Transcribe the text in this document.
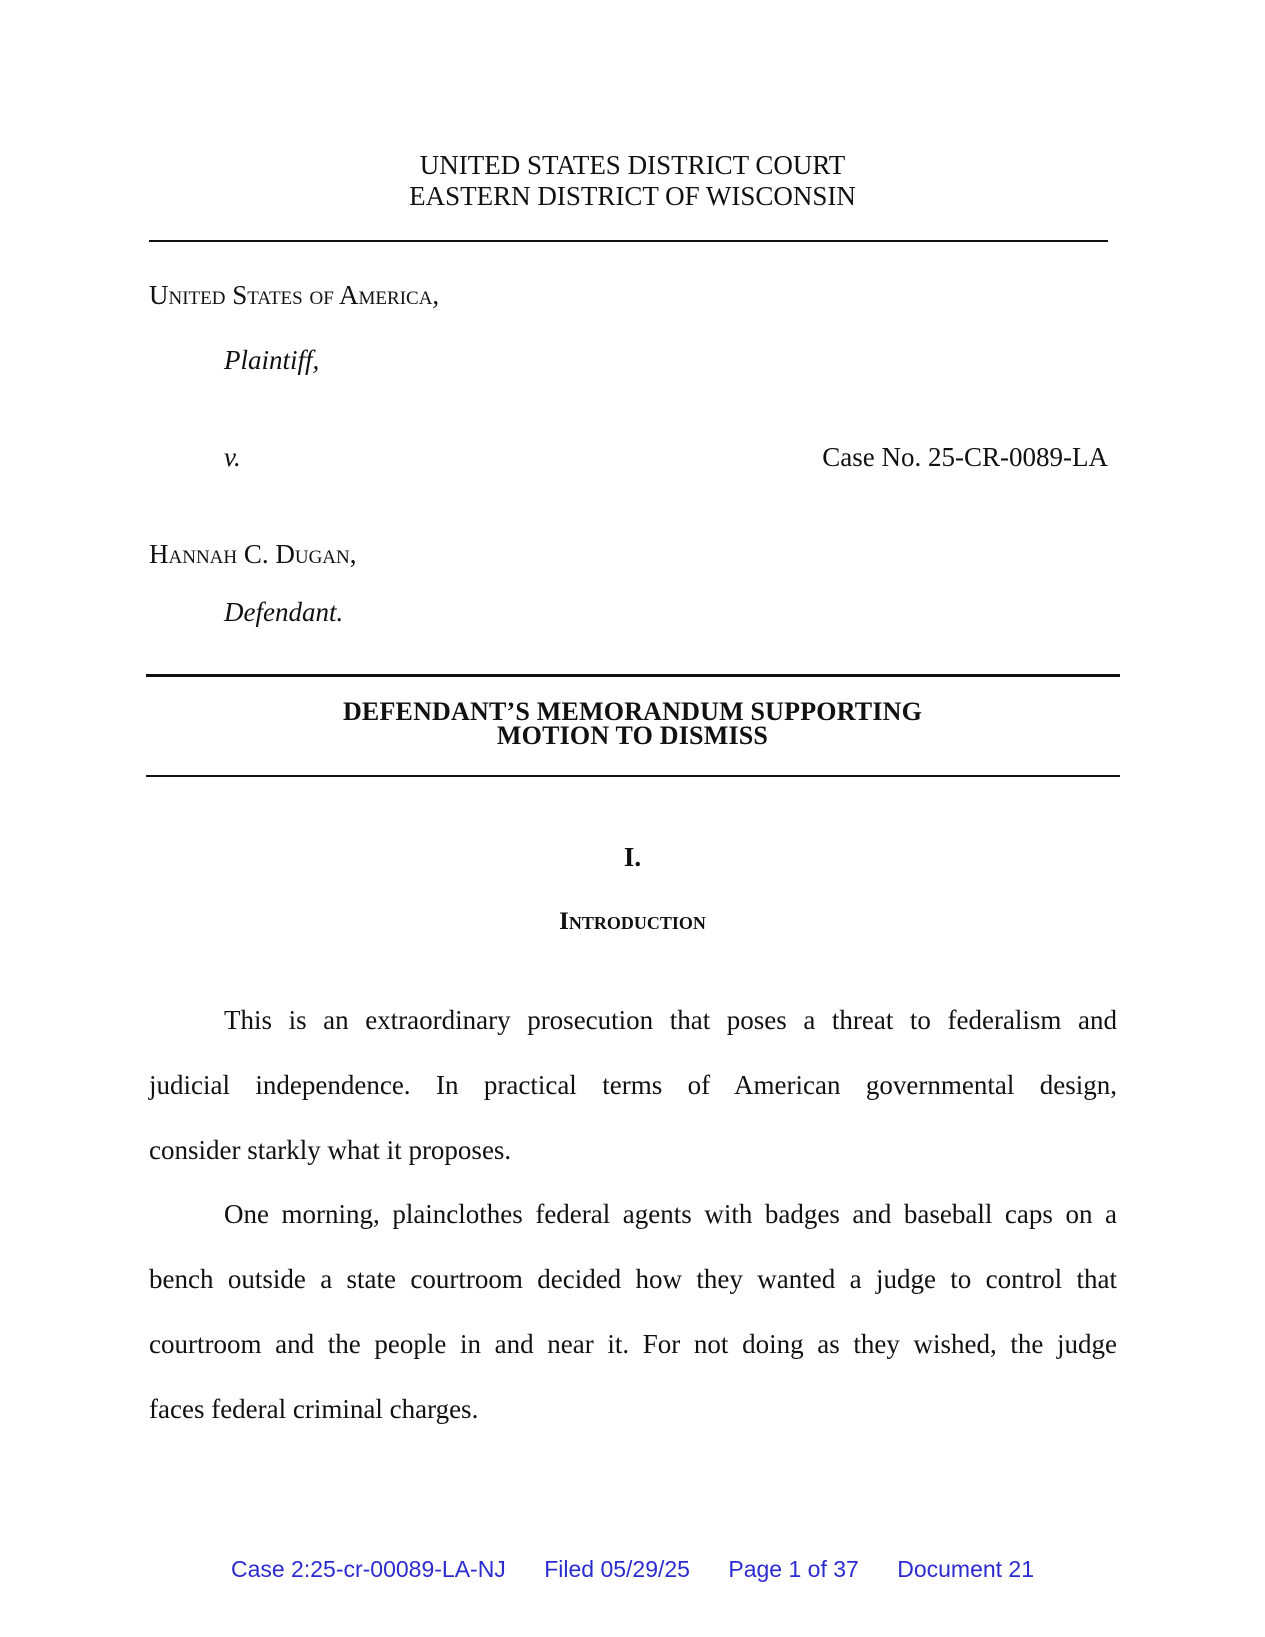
UNITED STATES DISTRICT COURT
EASTERN DISTRICT OF WISCONSIN
United States of America,
Plaintiff,
v.	Case No. 25-CR-0089-LA
Hannah C. Dugan,
Defendant.
DEFENDANT’S MEMORANDUM SUPPORTING
MOTION TO DISMISS
I.
Introduction
This is an extraordinary prosecution that poses a threat to federalism and
judicial independence. In practical terms of American governmental design,
consider starkly what it proposes.
One morning, plainclothes federal agents with badges and baseball caps on a
bench outside a state courtroom decided how they wanted a judge to control that
courtroom and the people in and near it. For not doing as they wished, the judge
faces federal criminal charges.
Case 2:25-cr-00089-LA-NJ Filed 05/29/25 Page 1 of 37 Document 21
